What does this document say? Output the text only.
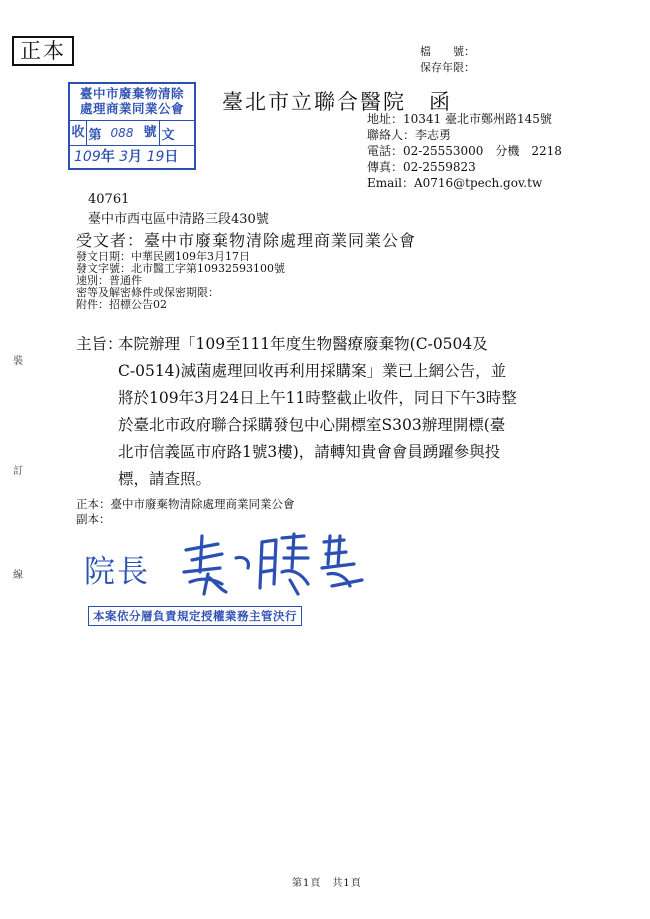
正本	檔　　號：
保存年限：
臺中市廢棄物清除
處理商業同業公會
收 第 088 號 文
109年 3月 19日
臺北市立聯合醫院　函
地址：10341 臺北市鄭州路145號
聯絡人：李志勇
電話：02-25553000　分機　2218
傳真：02-2559823
Email：A0716@tpech.gov.tw
40761
臺中市西屯區中清路三段430號
受文者：臺中市廢棄物清除處理商業同業公會
發文日期：中華民國109年3月17日
發文字號：北市醫工字第10932593100號
速別：普通件
密等及解密條件或保密期限：
附件：招標公告02
主旨：
本院辦理「109至111年度生物醫療廢棄物(C-0504及
C-0514)滅菌處理回收再利用採購案」業已上網公告，並
將於109年3月24日上午11時整截止收件，同日下午3時整
於臺北市政府聯合採購發包中心開標室S303辦理開標(臺
北市信義區市府路1號3樓)，請轉知貴會會員踴躍參與投
標，請查照。
正本：臺中市廢棄物清除處理商業同業公會
副本：
裝
訂
線 院長
本案依分層負責規定授權業務主管決行
第1頁　共1頁
